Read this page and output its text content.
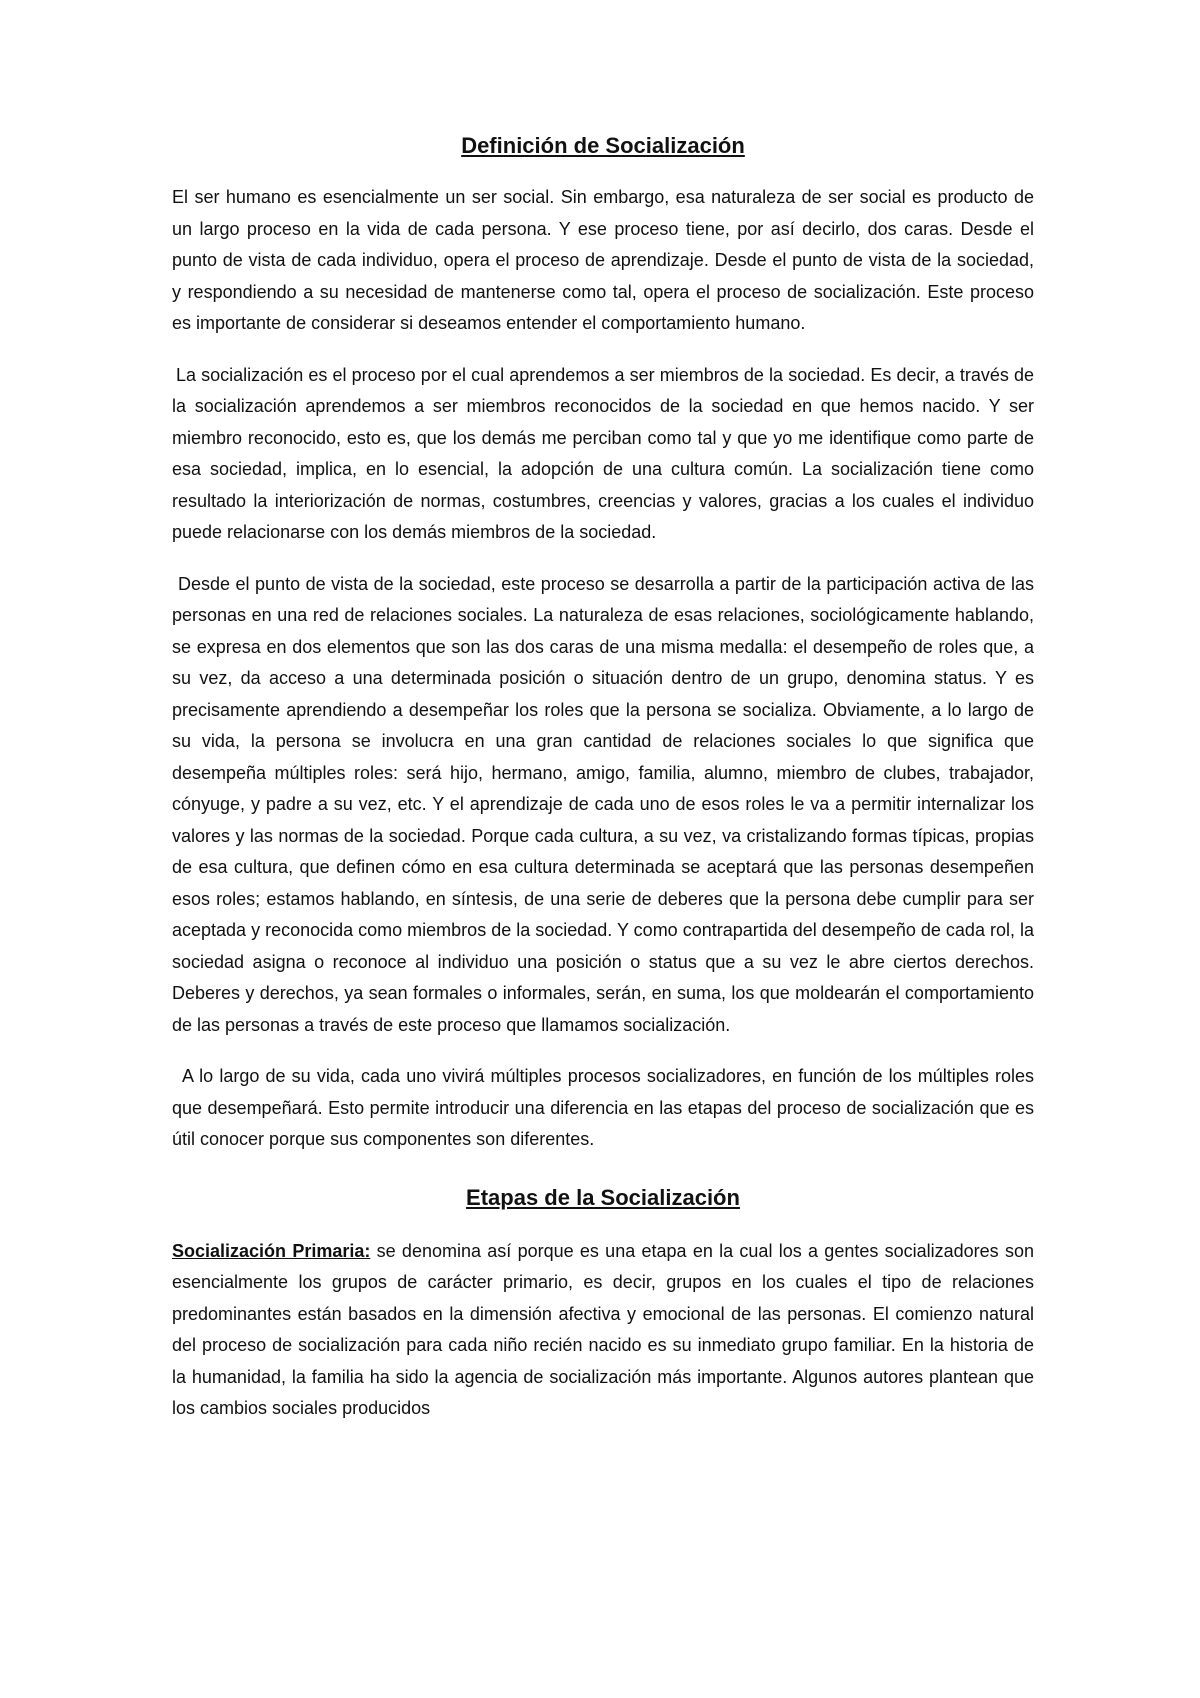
Definición de Socialización

El ser humano es esencialmente un ser social. Sin embargo, esa naturaleza de ser social es producto de un largo proceso en la vida de cada persona. Y ese proceso tiene, por así decirlo, dos caras. Desde el punto de vista de cada individuo, opera el proceso de aprendizaje. Desde el punto de vista de la sociedad, y respondiendo a su necesidad de mantenerse como tal, opera el proceso de socialización. Este proceso es importante de considerar si deseamos entender el comportamiento humano.

La socialización es el proceso por el cual aprendemos a ser miembros de la sociedad. Es decir, a través de la socialización aprendemos a ser miembros reconocidos de la sociedad en que hemos nacido. Y ser miembro reconocido, esto es, que los demás me perciban como tal y que yo me identifique como parte de esa sociedad, implica, en lo esencial, la adopción de una cultura común. La socialización tiene como resultado la interiorización de normas, costumbres, creencias y valores, gracias a los cuales el individuo puede relacionarse con los demás miembros de la sociedad.

Desde el punto de vista de la sociedad, este proceso se desarrolla a partir de la participación activa de las personas en una red de relaciones sociales. La naturaleza de esas relaciones, sociológicamente hablando, se expresa en dos elementos que son las dos caras de una misma medalla: el desempeño de roles que, a su vez, da acceso a una determinada posición o situación dentro de un grupo, denomina status. Y es precisamente aprendiendo a desempeñar los roles que la persona se socializa. Obviamente, a lo largo de su vida, la persona se involucra en una gran cantidad de relaciones sociales lo que significa que desempeña múltiples roles: será hijo, hermano, amigo, familia, alumno, miembro de clubes, trabajador, cónyuge, y padre a su vez, etc. Y el aprendizaje de cada uno de esos roles le va a permitir internalizar los valores y las normas de la sociedad. Porque cada cultura, a su vez, va cristalizando formas típicas, propias de esa cultura, que definen cómo en esa cultura determinada se aceptará que las personas desempeñen esos roles; estamos hablando, en síntesis, de una serie de deberes que la persona debe cumplir para ser aceptada y reconocida como miembros de la sociedad. Y como contrapartida del desempeño de cada rol, la sociedad asigna o reconoce al individuo una posición o status que a su vez le abre ciertos derechos. Deberes y derechos, ya sean formales o informales, serán, en suma, los que moldearán el comportamiento de las personas a través de este proceso que llamamos socialización.

A lo largo de su vida, cada uno vivirá múltiples procesos socializadores, en función de los múltiples roles que desempeñará. Esto permite introducir una diferencia en las etapas del proceso de socialización que es útil conocer porque sus componentes son diferentes.

Etapas de la Socialización

Socialización Primaria: se denomina así porque es una etapa en la cual los a gentes socializadores son esencialmente los grupos de carácter primario, es decir, grupos en los cuales el tipo de relaciones predominantes están basados en la dimensión afectiva y emocional de las personas. El comienzo natural del proceso de socialización para cada niño recién nacido es su inmediato grupo familiar. En la historia de la humanidad, la familia ha sido la agencia de socialización más importante. Algunos autores plantean que los cambios sociales producidos
